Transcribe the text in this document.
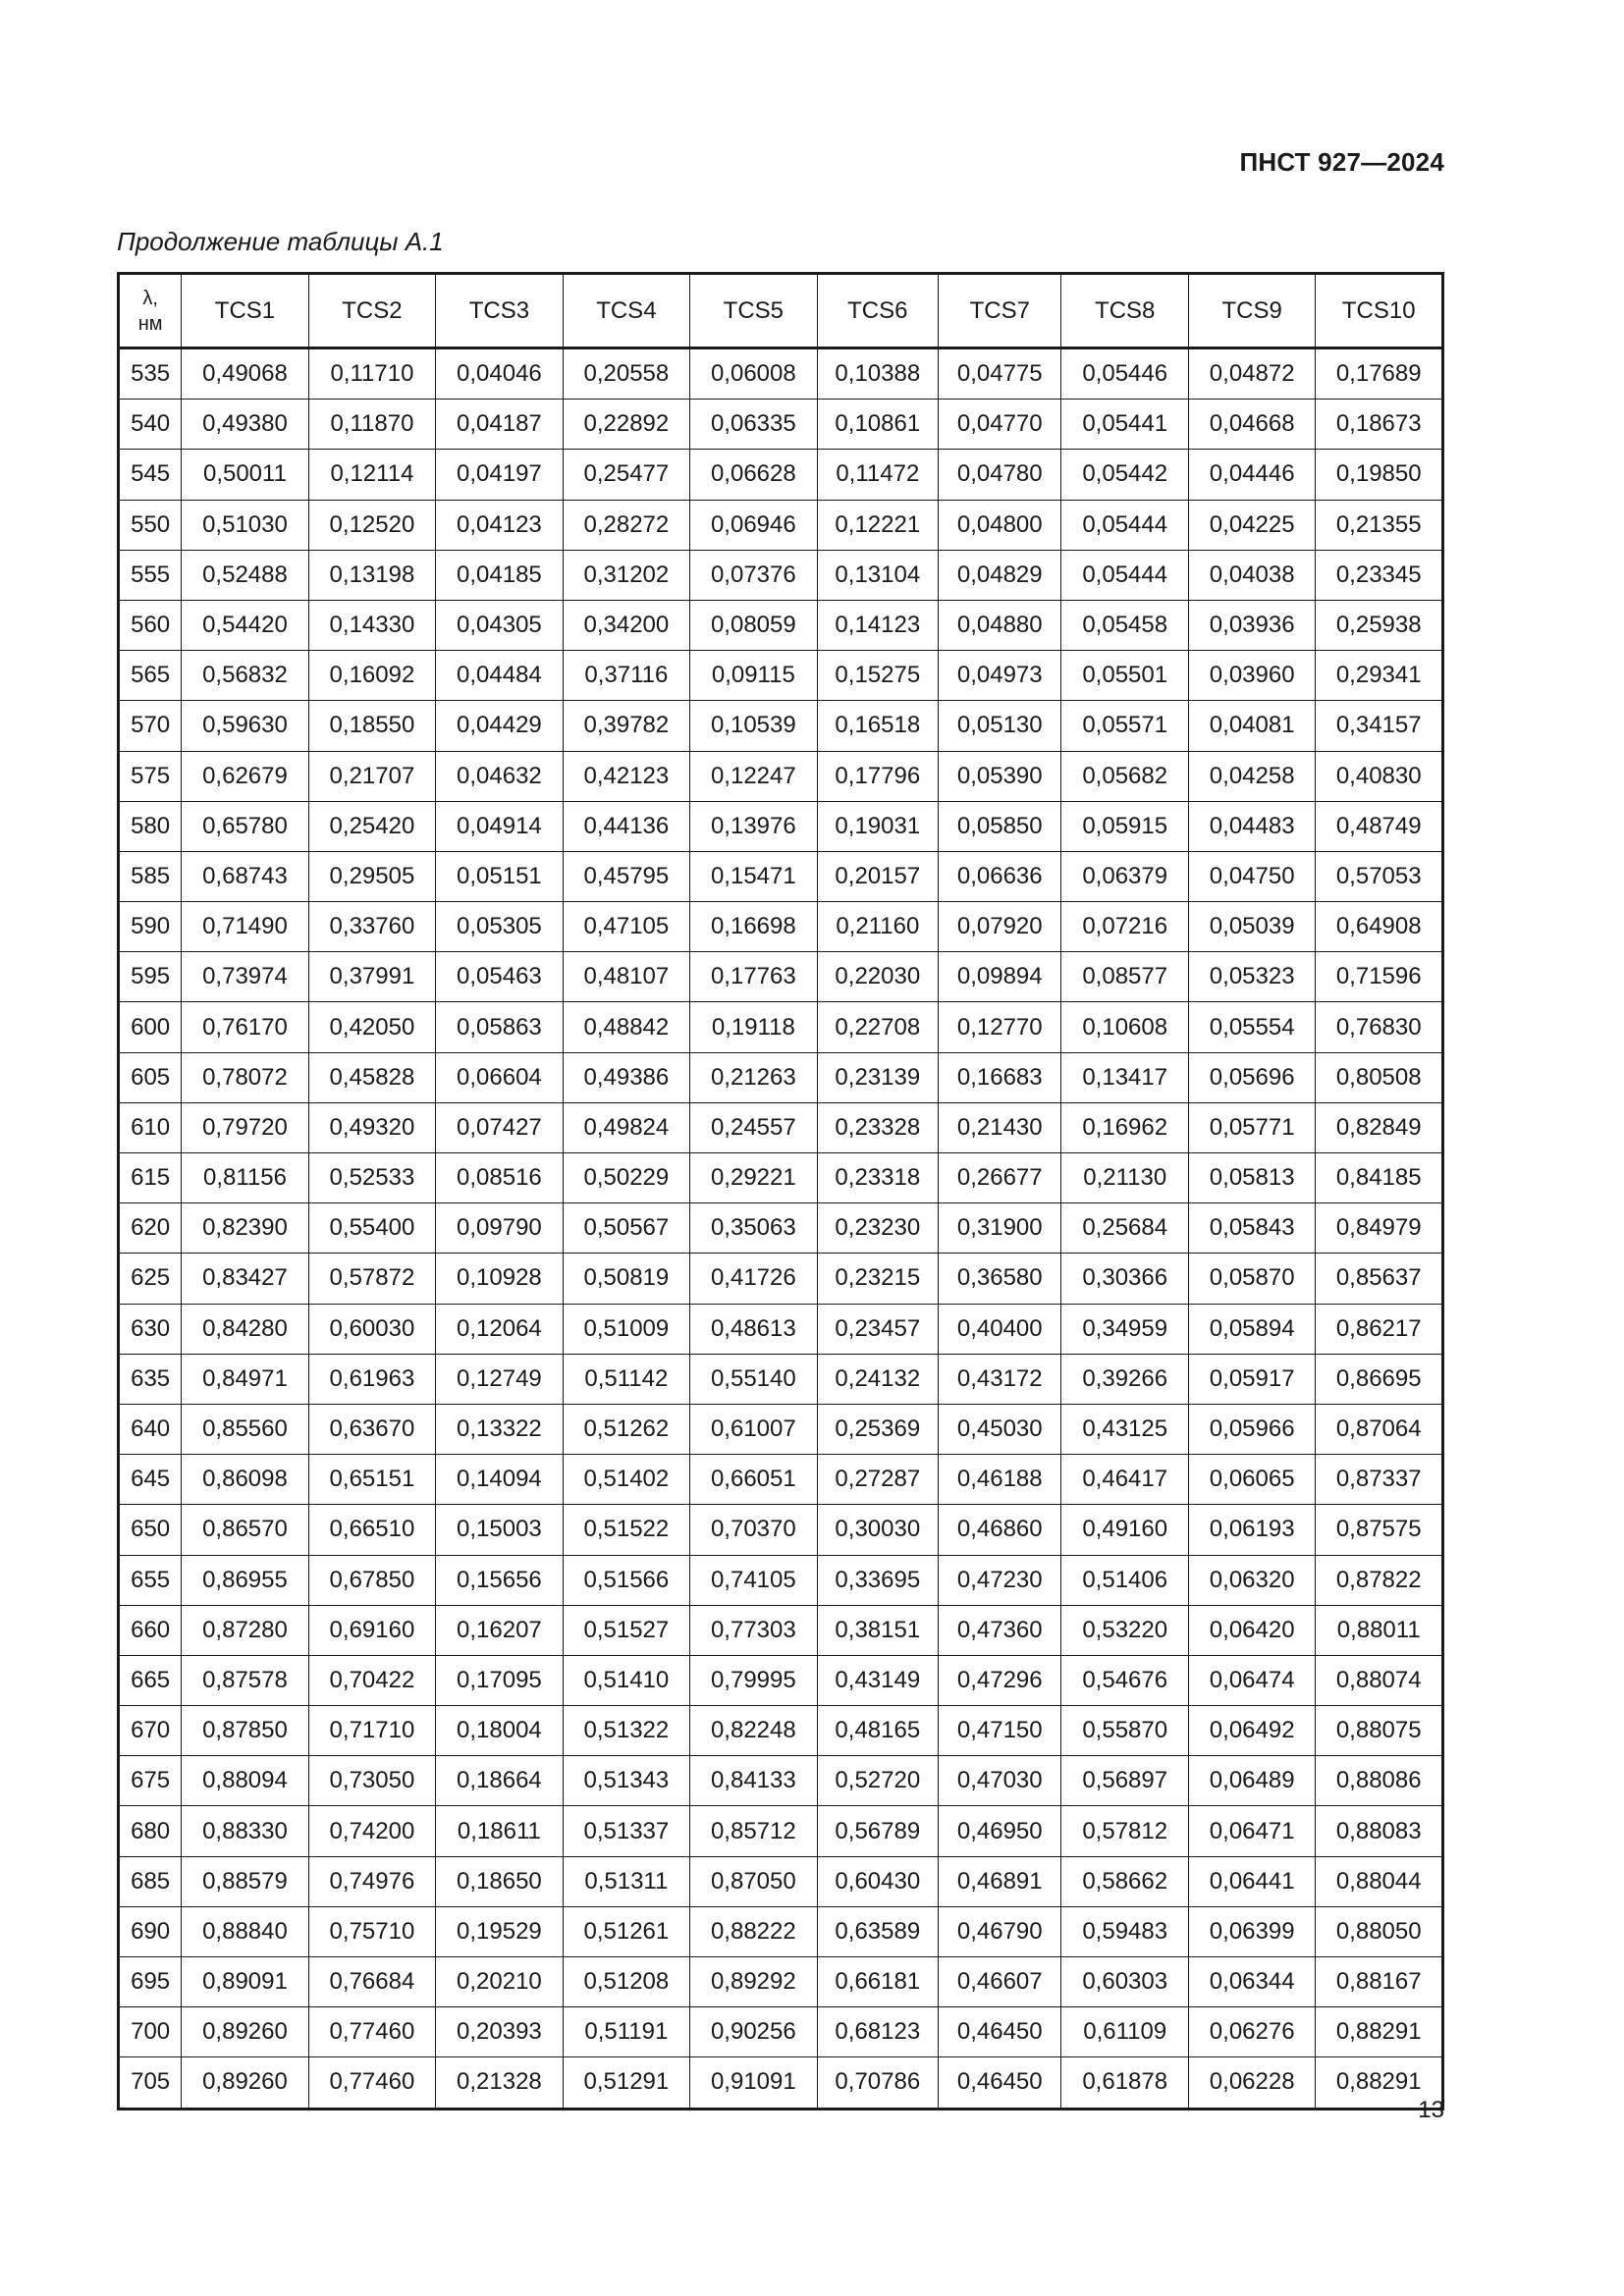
ПНСТ 927—2024
Продолжение таблицы А.1
λ,
нм	TCS1	TCS2	TCS3	TCS4	TCS5	TCS6	TCS7	TCS8	TCS9	TCS10
535	0,49068	0,11710	0,04046	0,20558	0,06008	0,10388	0,04775	0,05446	0,04872	0,17689
540	0,49380	0,11870	0,04187	0,22892	0,06335	0,10861	0,04770	0,05441	0,04668	0,18673
545	0,50011	0,12114	0,04197	0,25477	0,06628	0,11472	0,04780	0,05442	0,04446	0,19850
550	0,51030	0,12520	0,04123	0,28272	0,06946	0,12221	0,04800	0,05444	0,04225	0,21355
555	0,52488	0,13198	0,04185	0,31202	0,07376	0,13104	0,04829	0,05444	0,04038	0,23345
560	0,54420	0,14330	0,04305	0,34200	0,08059	0,14123	0,04880	0,05458	0,03936	0,25938
565	0,56832	0,16092	0,04484	0,37116	0,09115	0,15275	0,04973	0,05501	0,03960	0,29341
570	0,59630	0,18550	0,04429	0,39782	0,10539	0,16518	0,05130	0,05571	0,04081	0,34157
575	0,62679	0,21707	0,04632	0,42123	0,12247	0,17796	0,05390	0,05682	0,04258	0,40830
580	0,65780	0,25420	0,04914	0,44136	0,13976	0,19031	0,05850	0,05915	0,04483	0,48749
585	0,68743	0,29505	0,05151	0,45795	0,15471	0,20157	0,06636	0,06379	0,04750	0,57053
590	0,71490	0,33760	0,05305	0,47105	0,16698	0,21160	0,07920	0,07216	0,05039	0,64908
595	0,73974	0,37991	0,05463	0,48107	0,17763	0,22030	0,09894	0,08577	0,05323	0,71596
600	0,76170	0,42050	0,05863	0,48842	0,19118	0,22708	0,12770	0,10608	0,05554	0,76830
605	0,78072	0,45828	0,06604	0,49386	0,21263	0,23139	0,16683	0,13417	0,05696	0,80508
610	0,79720	0,49320	0,07427	0,49824	0,24557	0,23328	0,21430	0,16962	0,05771	0,82849
615	0,81156	0,52533	0,08516	0,50229	0,29221	0,23318	0,26677	0,21130	0,05813	0,84185
620	0,82390	0,55400	0,09790	0,50567	0,35063	0,23230	0,31900	0,25684	0,05843	0,84979
625	0,83427	0,57872	0,10928	0,50819	0,41726	0,23215	0,36580	0,30366	0,05870	0,85637
630	0,84280	0,60030	0,12064	0,51009	0,48613	0,23457	0,40400	0,34959	0,05894	0,86217
635	0,84971	0,61963	0,12749	0,51142	0,55140	0,24132	0,43172	0,39266	0,05917	0,86695
640	0,85560	0,63670	0,13322	0,51262	0,61007	0,25369	0,45030	0,43125	0,05966	0,87064
645	0,86098	0,65151	0,14094	0,51402	0,66051	0,27287	0,46188	0,46417	0,06065	0,87337
650	0,86570	0,66510	0,15003	0,51522	0,70370	0,30030	0,46860	0,49160	0,06193	0,87575
655	0,86955	0,67850	0,15656	0,51566	0,74105	0,33695	0,47230	0,51406	0,06320	0,87822
660	0,87280	0,69160	0,16207	0,51527	0,77303	0,38151	0,47360	0,53220	0,06420	0,88011
665	0,87578	0,70422	0,17095	0,51410	0,79995	0,43149	0,47296	0,54676	0,06474	0,88074
670	0,87850	0,71710	0,18004	0,51322	0,82248	0,48165	0,47150	0,55870	0,06492	0,88075
675	0,88094	0,73050	0,18664	0,51343	0,84133	0,52720	0,47030	0,56897	0,06489	0,88086
680	0,88330	0,74200	0,18611	0,51337	0,85712	0,56789	0,46950	0,57812	0,06471	0,88083
685	0,88579	0,74976	0,18650	0,51311	0,87050	0,60430	0,46891	0,58662	0,06441	0,88044
690	0,88840	0,75710	0,19529	0,51261	0,88222	0,63589	0,46790	0,59483	0,06399	0,88050
695	0,89091	0,76684	0,20210	0,51208	0,89292	0,66181	0,46607	0,60303	0,06344	0,88167
700	0,89260	0,77460	0,20393	0,51191	0,90256	0,68123	0,46450	0,61109	0,06276	0,88291
705	0,89260	0,77460	0,21328	0,51291	0,91091	0,70786	0,46450	0,61878	0,06228	0,88291
13
